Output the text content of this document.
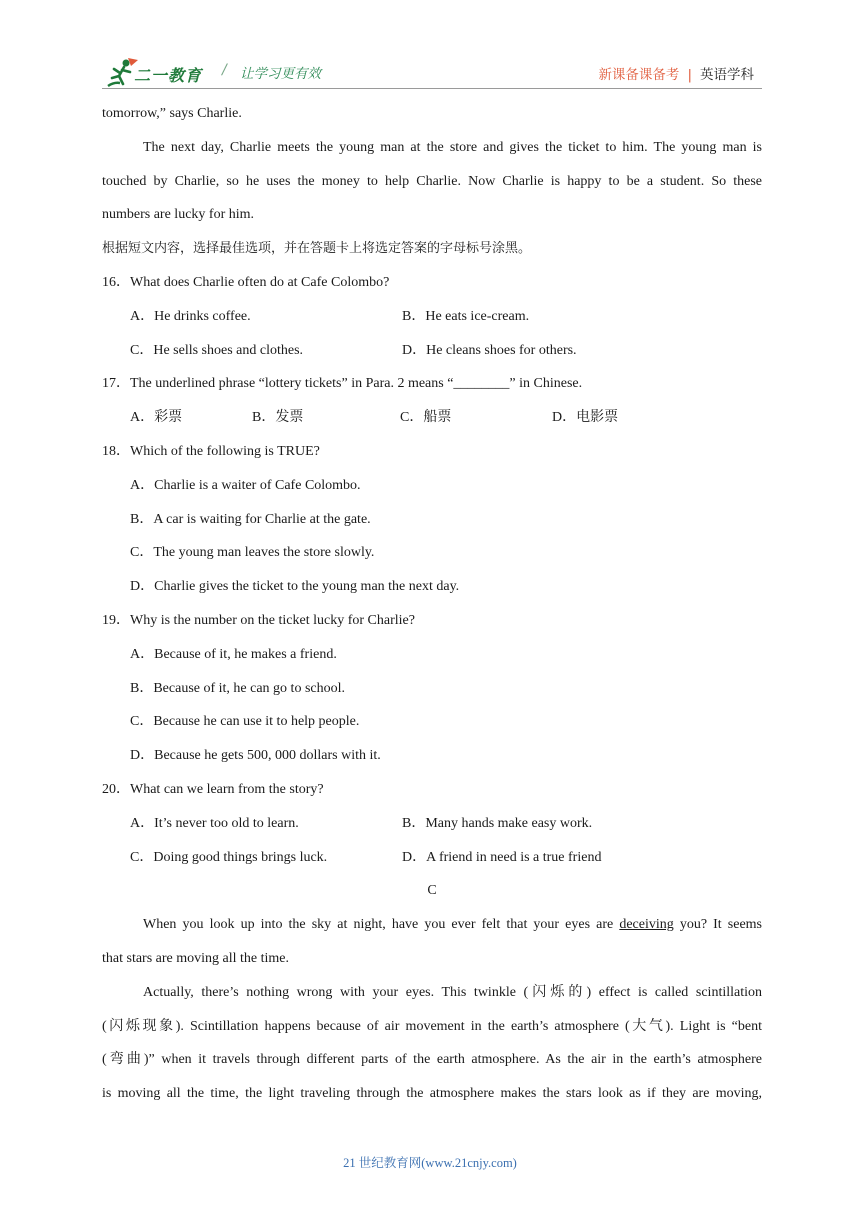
二一教育 / 让学习更有效	新课备课备考 | 英语学科
tomorrow,” says Charlie.
The next day, Charlie meets the young man at the store and gives the ticket to him. The young man is
touched by Charlie, so he uses the money to help Charlie. Now Charlie is happy to be a student. So these
numbers are lucky for him.
根据短文内容，选择最佳选项，并在答题卡上将选定答案的字母标号涂黑。
16．What does Charlie often do at Cafe Colombo?
A．He drinks coffee.	B．He eats ice-cream.
C．He sells shoes and clothes.	D．He cleans shoes for others.
17．The underlined phrase “lottery tickets” in Para. 2 means “________” in Chinese.
A．彩票	B．发票	C．船票	D．电影票
18．Which of the following is TRUE?
A．Charlie is a waiter of Cafe Colombo.
B．A car is waiting for Charlie at the gate.
C．The young man leaves the store slowly.
D．Charlie gives the ticket to the young man the next day.
19．Why is the number on the ticket lucky for Charlie?
A．Because of it, he makes a friend.
B．Because of it, he can go to school.
C．Because he can use it to help people.
D．Because he gets 500, 000 dollars with it.
20．What can we learn from the story?
A．It’s never too old to learn.	B．Many hands make easy work.
C．Doing good things brings luck.	D．A friend in need is a true friend
C
When you look up into the sky at night, have you ever felt that your eyes are deceiving you? It seems
that stars are moving all the time.
Actually, there’s nothing wrong with your eyes. This twinkle (闪烁的) effect is called scintillation
(闪烁现象). Scintillation happens because of air movement in the earth’s atmosphere (大气). Light is “bent
(弯曲)” when it travels through different parts of the earth atmosphere. As the air in the earth’s atmosphere
is moving all the time, the light traveling through the atmosphere makes the stars look as if they are moving,
21 世纪教育网(www.21cnjy.com)
